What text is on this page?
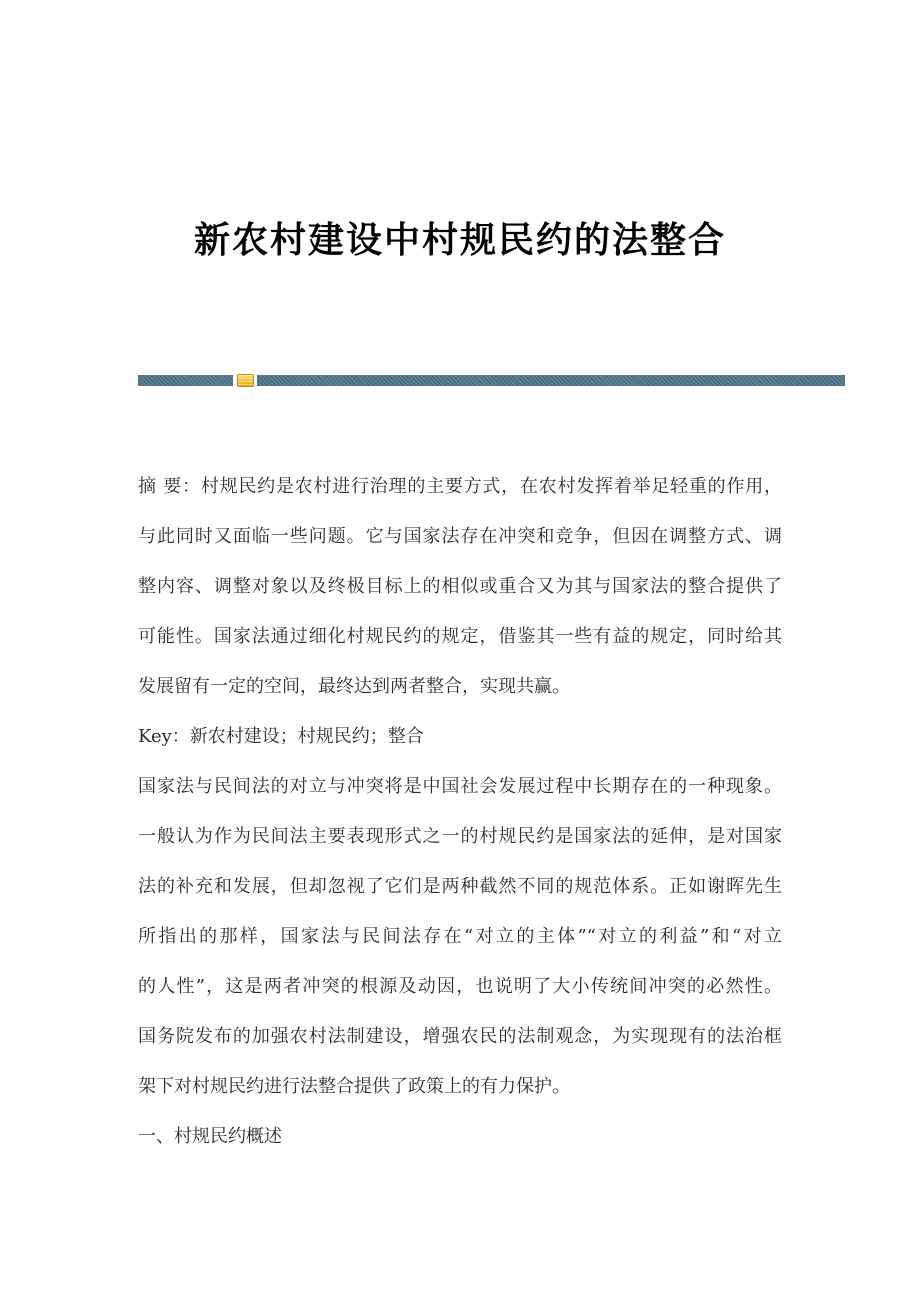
新农村建设中村规民约的法整合
摘 要：村规民约是农村进行治理的主要方式，在农村发挥着举足轻重的作用，
与此同时又面临一些问题。它与国家法存在冲突和竞争，但因在调整方式、调
整内容、调整对象以及终极目标上的相似或重合又为其与国家法的整合提供了
可能性。国家法通过细化村规民约的规定，借鉴其一些有益的规定，同时给其
发展留有一定的空间，最终达到两者整合，实现共赢。
Key：新农村建设；村规民约；整合
国家法与民间法的对立与冲突将是中国社会发展过程中长期存在的一种现象。
一般认为作为民间法主要表现形式之一的村规民约是国家法的延伸，是对国家
法的补充和发展，但却忽视了它们是两种截然不同的规范体系。正如谢晖先生
所指出的那样，国家法与民间法存在“对立的主体”“对立的利益”和“对立
的人性”，这是两者冲突的根源及动因，也说明了大小传统间冲突的必然性。
国务院发布的加强农村法制建设，增强农民的法制观念，为实现现有的法治框
架下对村规民约进行法整合提供了政策上的有力保护。
一、村规民约概述
